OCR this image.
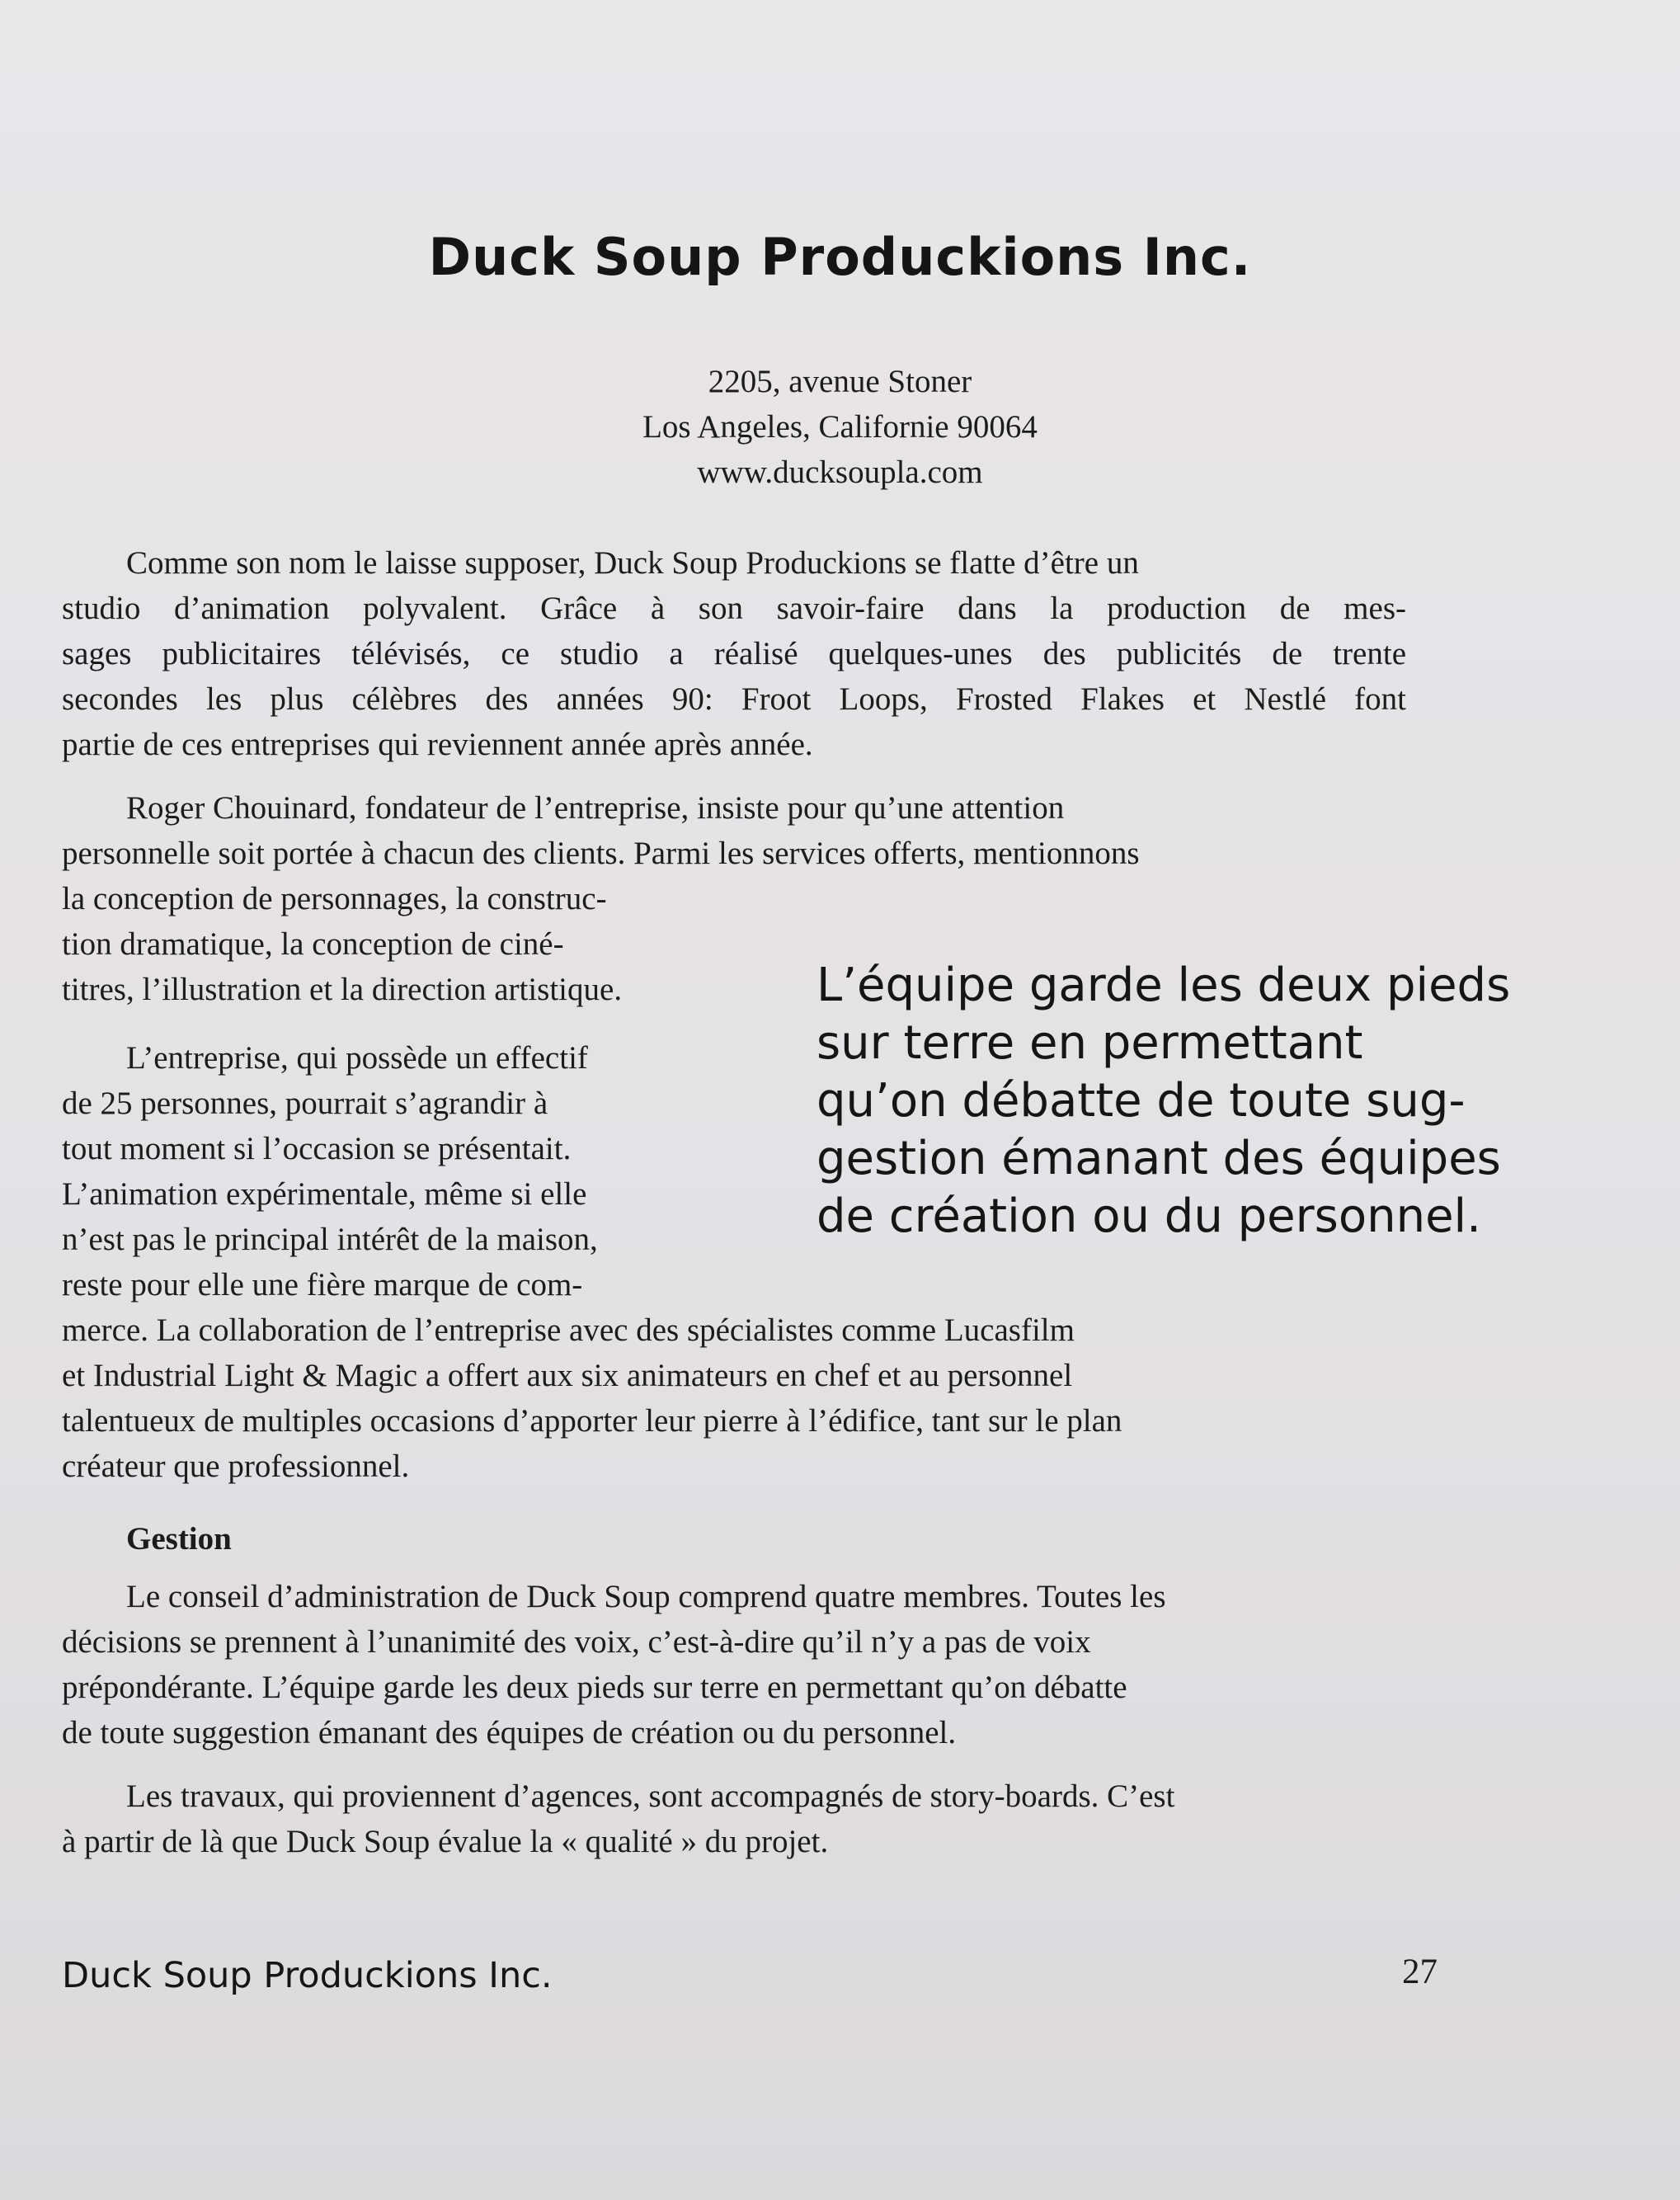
Duck Soup Produckions Inc.
2205, avenue Stoner
Los Angeles, Californie 90064
www.ducksoupla.com
Comme son nom le laisse supposer, Duck Soup Produckions se flatte d’être un
studio d’animation polyvalent. Grâce à son savoir-faire dans la production de mes-
sages publicitaires télévisés, ce studio a réalisé quelques-unes des publicités de trente
secondes les plus célèbres des années 90: Froot Loops, Frosted Flakes et Nestlé font
partie de ces entreprises qui reviennent année après année.
Roger Chouinard, fondateur de l’entreprise, insiste pour qu’une attention
personnelle soit portée à chacun des clients. Parmi les services offerts, mentionnons
la conception de personnages, la construc-
tion dramatique, la conception de ciné-
titres, l’illustration et la direction artistique.
L’entreprise, qui possède un effectif
de 25 personnes, pourrait s’agrandir à
tout moment si l’occasion se présentait.
L’animation expérimentale, même si elle
n’est pas le principal intérêt de la maison,
reste pour elle une fière marque de com-
merce. La collaboration de l’entreprise avec des spécialistes comme Lucasfilm
et Industrial Light & Magic a offert aux six animateurs en chef et au personnel
talentueux de multiples occasions d’apporter leur pierre à l’édifice, tant sur le plan
créateur que professionnel.
L’équipe garde les deux pieds
sur terre en permettant
qu’on débatte de toute sug-
gestion émanant des équipes
de création ou du personnel.
Gestion
Le conseil d’administration de Duck Soup comprend quatre membres. Toutes les
décisions se prennent à l’unanimité des voix, c’est-à-dire qu’il n’y a pas de voix
prépondérante. L’équipe garde les deux pieds sur terre en permettant qu’on débatte
de toute suggestion émanant des équipes de création ou du personnel.
Les travaux, qui proviennent d’agences, sont accompagnés de story-boards. C’est
à partir de là que Duck Soup évalue la « qualité » du projet.
Duck Soup Produckions Inc.	27
